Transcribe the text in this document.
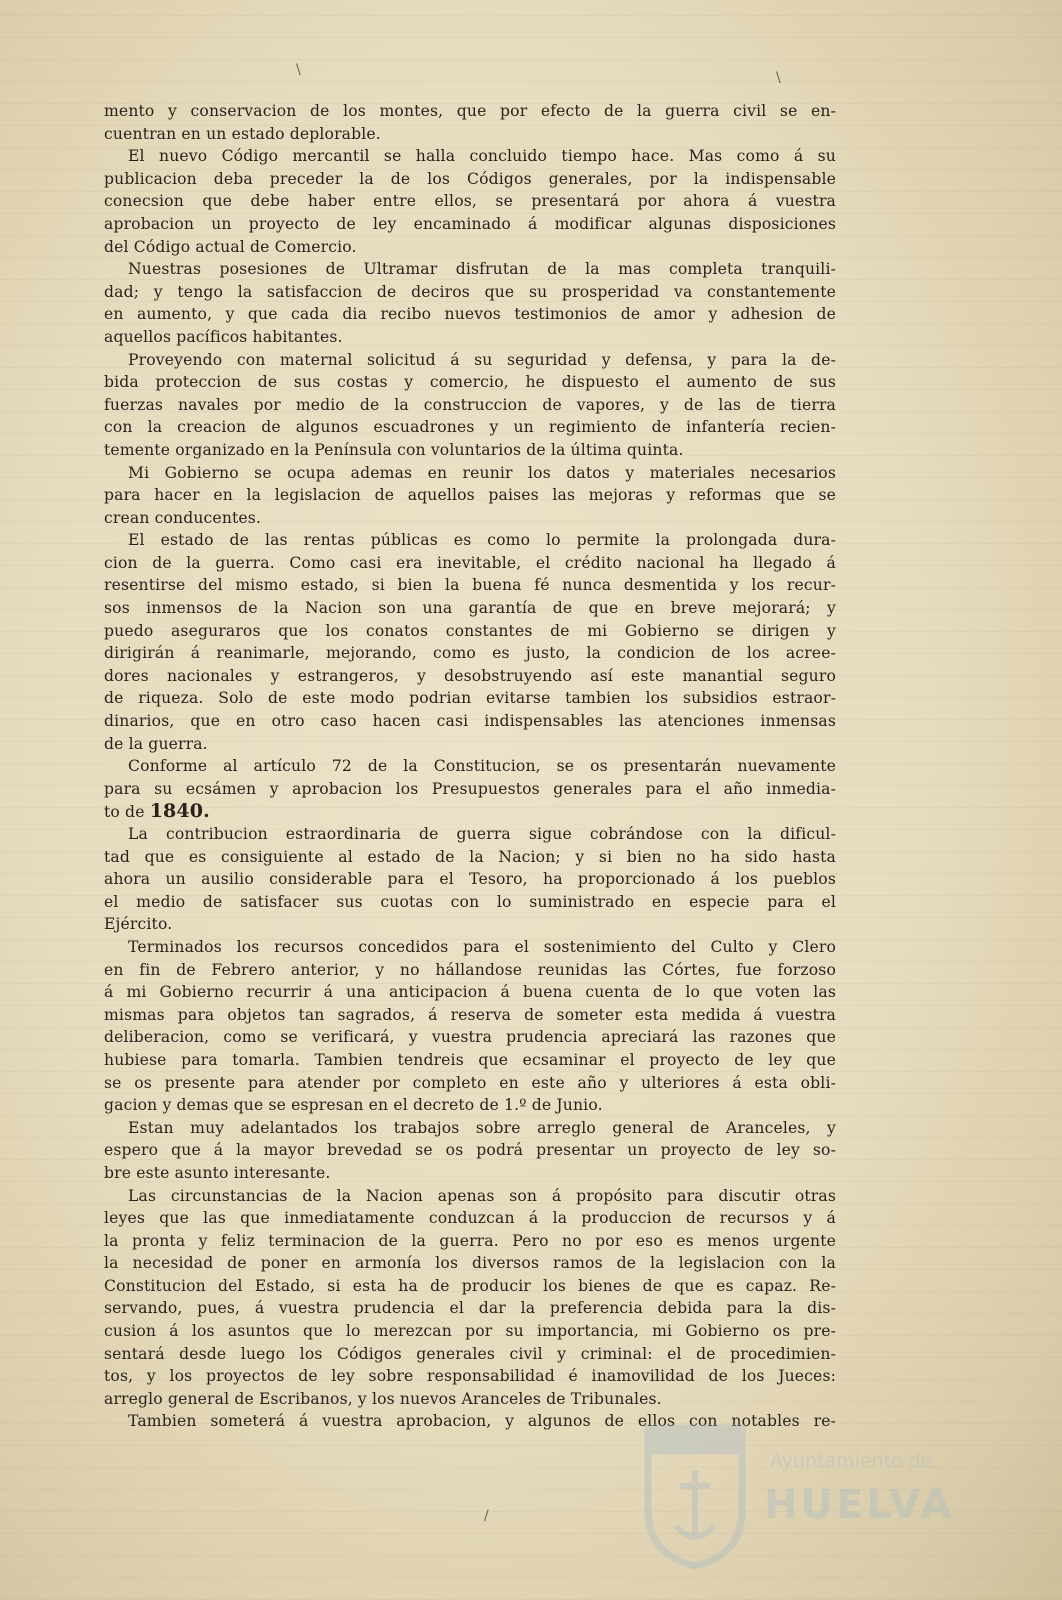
\	\
/
mento y conservacion de los montes, que por efecto de la guerra civil se en-
cuentran en un estado deplorable.
El nuevo Código mercantil se halla concluido tiempo hace. Mas como á su
publicacion deba preceder la de los Códigos generales, por la indispensable
conecsion que debe haber entre ellos, se presentará por ahora á vuestra
aprobacion un proyecto de ley encaminado á modificar algunas disposiciones
del Código actual de Comercio.
Nuestras posesiones de Ultramar disfrutan de la mas completa tranquili-
dad; y tengo la satisfaccion de deciros que su prosperidad va constantemente
en aumento, y que cada dia recibo nuevos testimonios de amor y adhesion de
aquellos pacíficos habitantes.
Proveyendo con maternal solicitud á su seguridad y defensa, y para la de-
bida proteccion de sus costas y comercio, he dispuesto el aumento de sus
fuerzas navales por medio de la construccion de vapores, y de las de tierra
con la creacion de algunos escuadrones y un regimiento de infantería recien-
temente organizado en la Península con voluntarios de la última quinta.
Mi Gobierno se ocupa ademas en reunir los datos y materiales necesarios
para hacer en la legislacion de aquellos paises las mejoras y reformas que se
crean conducentes.
El estado de las rentas públicas es como lo permite la prolongada dura-
cion de la guerra. Como casi era inevitable, el crédito nacional ha llegado á
resentirse del mismo estado, si bien la buena fé nunca desmentida y los recur-
sos inmensos de la Nacion son una garantía de que en breve mejorará; y
puedo aseguraros que los conatos constantes de mi Gobierno se dirigen y
dirigirán á reanimarle, mejorando, como es justo, la condicion de los acree-
dores nacionales y estrangeros, y desobstruyendo así este manantial seguro
de riqueza. Solo de este modo podrian evitarse tambien los subsidios estraor-
dinarios, que en otro caso hacen casi indispensables las atenciones inmensas
de la guerra.
Conforme al artículo 72 de la Constitucion, se os presentarán nuevamente
para su ecsámen y aprobacion los Presupuestos generales para el año inmedia-
to de 1840.
La contribucion estraordinaria de guerra sigue cobrándose con la dificul-
tad que es consiguiente al estado de la Nacion; y si bien no ha sido hasta
ahora un ausilio considerable para el Tesoro, ha proporcionado á los pueblos
el medio de satisfacer sus cuotas con lo suministrado en especie para el
Ejército.
Terminados los recursos concedidos para el sostenimiento del Culto y Clero
en fin de Febrero anterior, y no hállandose reunidas las Córtes, fue forzoso
á mi Gobierno recurrir á una anticipacion á buena cuenta de lo que voten las
mismas para objetos tan sagrados, á reserva de someter esta medida á vuestra
deliberacion, como se verificará, y vuestra prudencia apreciará las razones que
hubiese para tomarla. Tambien tendreis que ecsaminar el proyecto de ley que
se os presente para atender por completo en este año y ulteriores á esta obli-
gacion y demas que se espresan en el decreto de 1.º de Junio.
Estan muy adelantados los trabajos sobre arreglo general de Aranceles, y
espero que á la mayor brevedad se os podrá presentar un proyecto de ley so-
bre este asunto interesante.
Las circunstancias de la Nacion apenas son á propósito para discutir otras
leyes que las que inmediatamente conduzcan á la produccion de recursos y á
la pronta y feliz terminacion de la guerra. Pero no por eso es menos urgente
la necesidad de poner en armonía los diversos ramos de la legislacion con la
Constitucion del Estado, si esta ha de producir los bienes de que es capaz. Re-
servando, pues, á vuestra prudencia el dar la preferencia debida para la dis-
cusion á los asuntos que lo merezcan por su importancia, mi Gobierno os pre-
sentará desde luego los Códigos generales civil y criminal: el de procedimien-
tos, y los proyectos de ley sobre responsabilidad é inamovilidad de los Jueces:
arreglo general de Escribanos, y los nuevos Aranceles de Tribunales.
Tambien someterá á vuestra aprobacion, y algunos de ellos con notables re-
Ayuntamiento de
HUELVA
